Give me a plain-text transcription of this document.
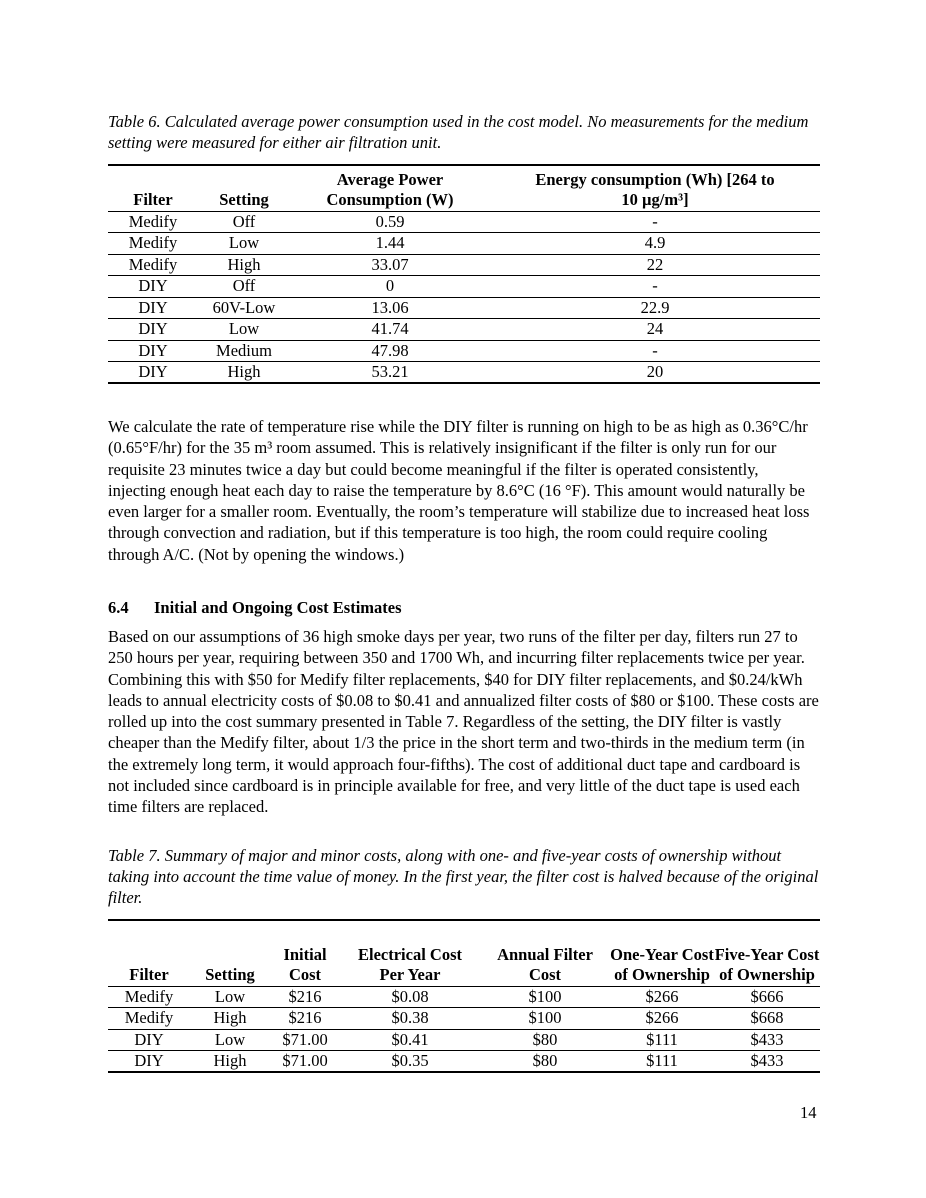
Table 6. Calculated average power consumption used in the cost model. No measurements for the medium setting were measured for either air filtration unit.

Filter	Setting	Average Power Consumption (W)	Energy consumption (Wh) [264 to 10 µg/m³]
Medify	Off	0.59	-
Medify	Low	1.44	4.9
Medify	High	33.07	22
DIY	Off	0	-
DIY	60V-Low	13.06	22.9
DIY	Low	41.74	24
DIY	Medium	47.98	-
DIY	High	53.21	20

We calculate the rate of temperature rise while the DIY filter is running on high to be as high as 0.36°C/hr (0.65°F/hr) for the 35 m³ room assumed. This is relatively insignificant if the filter is only run for our requisite 23 minutes twice a day but could become meaningful if the filter is operated consistently, injecting enough heat each day to raise the temperature by 8.6°C (16 °F). This amount would naturally be even larger for a smaller room. Eventually, the room’s temperature will stabilize due to increased heat loss through convection and radiation, but if this temperature is too high, the room could require cooling through A/C. (Not by opening the windows.)

6.4 Initial and Ongoing Cost Estimates

Based on our assumptions of 36 high smoke days per year, two runs of the filter per day, filters run 27 to 250 hours per year, requiring between 350 and 1700 Wh, and incurring filter replacements twice per year. Combining this with $50 for Medify filter replacements, $40 for DIY filter replacements, and $0.24/kWh leads to annual electricity costs of $0.08 to $0.41 and annualized filter costs of $80 or $100. These costs are rolled up into the cost summary presented in Table 7. Regardless of the setting, the DIY filter is vastly cheaper than the Medify filter, about 1/3 the price in the short term and two-thirds in the medium term (in the extremely long term, it would approach four-fifths). The cost of additional duct tape and cardboard is not included since cardboard is in principle available for free, and very little of the duct tape is used each time filters are replaced.

Table 7. Summary of major and minor costs, along with one- and five-year costs of ownership without taking into account the time value of money. In the first year, the filter cost is halved because of the original filter.

Filter	Setting	Initial Cost	Electrical Cost Per Year	Annual Filter Cost	One-Year Cost of Ownership	Five-Year Cost of Ownership
Medify	Low	$216	$0.08	$100	$266	$666
Medify	High	$216	$0.38	$100	$266	$668
DIY	Low	$71.00	$0.41	$80	$111	$433
DIY	High	$71.00	$0.35	$80	$111	$433
14
